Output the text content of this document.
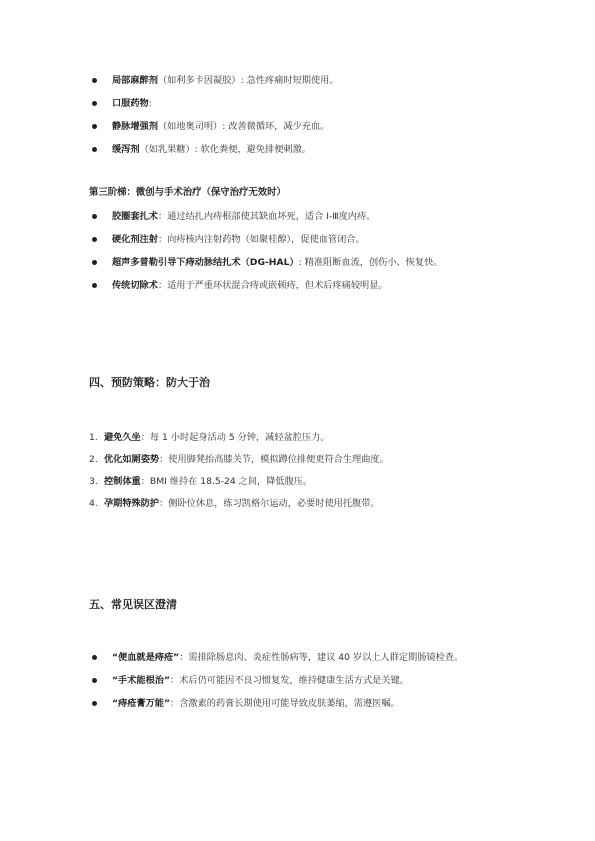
局部麻醉剂（如利多卡因凝胶）: 急性疼痛时短期使用。
口服药物:
静脉增强剂（如地奥司明）: 改善微循环，减少充血。
缓泻剂（如乳果糖）: 软化粪便，避免排便刺激。
第三阶梯：微创与手术治疗（保守治疗无效时）
胶圈套扎术：通过结扎内痔根部使其缺血坏死，适合 Ⅰ-Ⅲ度内痔。
硬化剂注射：向痔核内注射药物（如聚桂醇），促使血管闭合。
超声多普勒引导下痔动脉结扎术（DG-HAL）: 精准阻断血流，创伤小、恢复快。
传统切除术：适用于严重环状混合痔或嵌顿痔，但术后疼痛较明显。
四、预防策略：防大于治
1. 避免久坐：每 1 小时起身活动 5 分钟，减轻盆腔压力。
2. 优化如厕姿势：使用脚凳抬高膝关节，模拟蹲位排便更符合生理曲度。
3. 控制体重：BMI 维持在 18.5-24 之间，降低腹压。
4. 孕期特殊防护：侧卧位休息，练习凯格尔运动，必要时使用托腹带。
五、常见误区澄清
“便血就是痔疮”：需排除肠息肉、炎症性肠病等，建议 40 岁以上人群定期肠镜检查。
“手术能根治”：术后仍可能因不良习惯复发，维持健康生活方式是关键。
“痔疮膏万能”：含激素的药膏长期使用可能导致皮肤萎缩，需遵医嘱。
